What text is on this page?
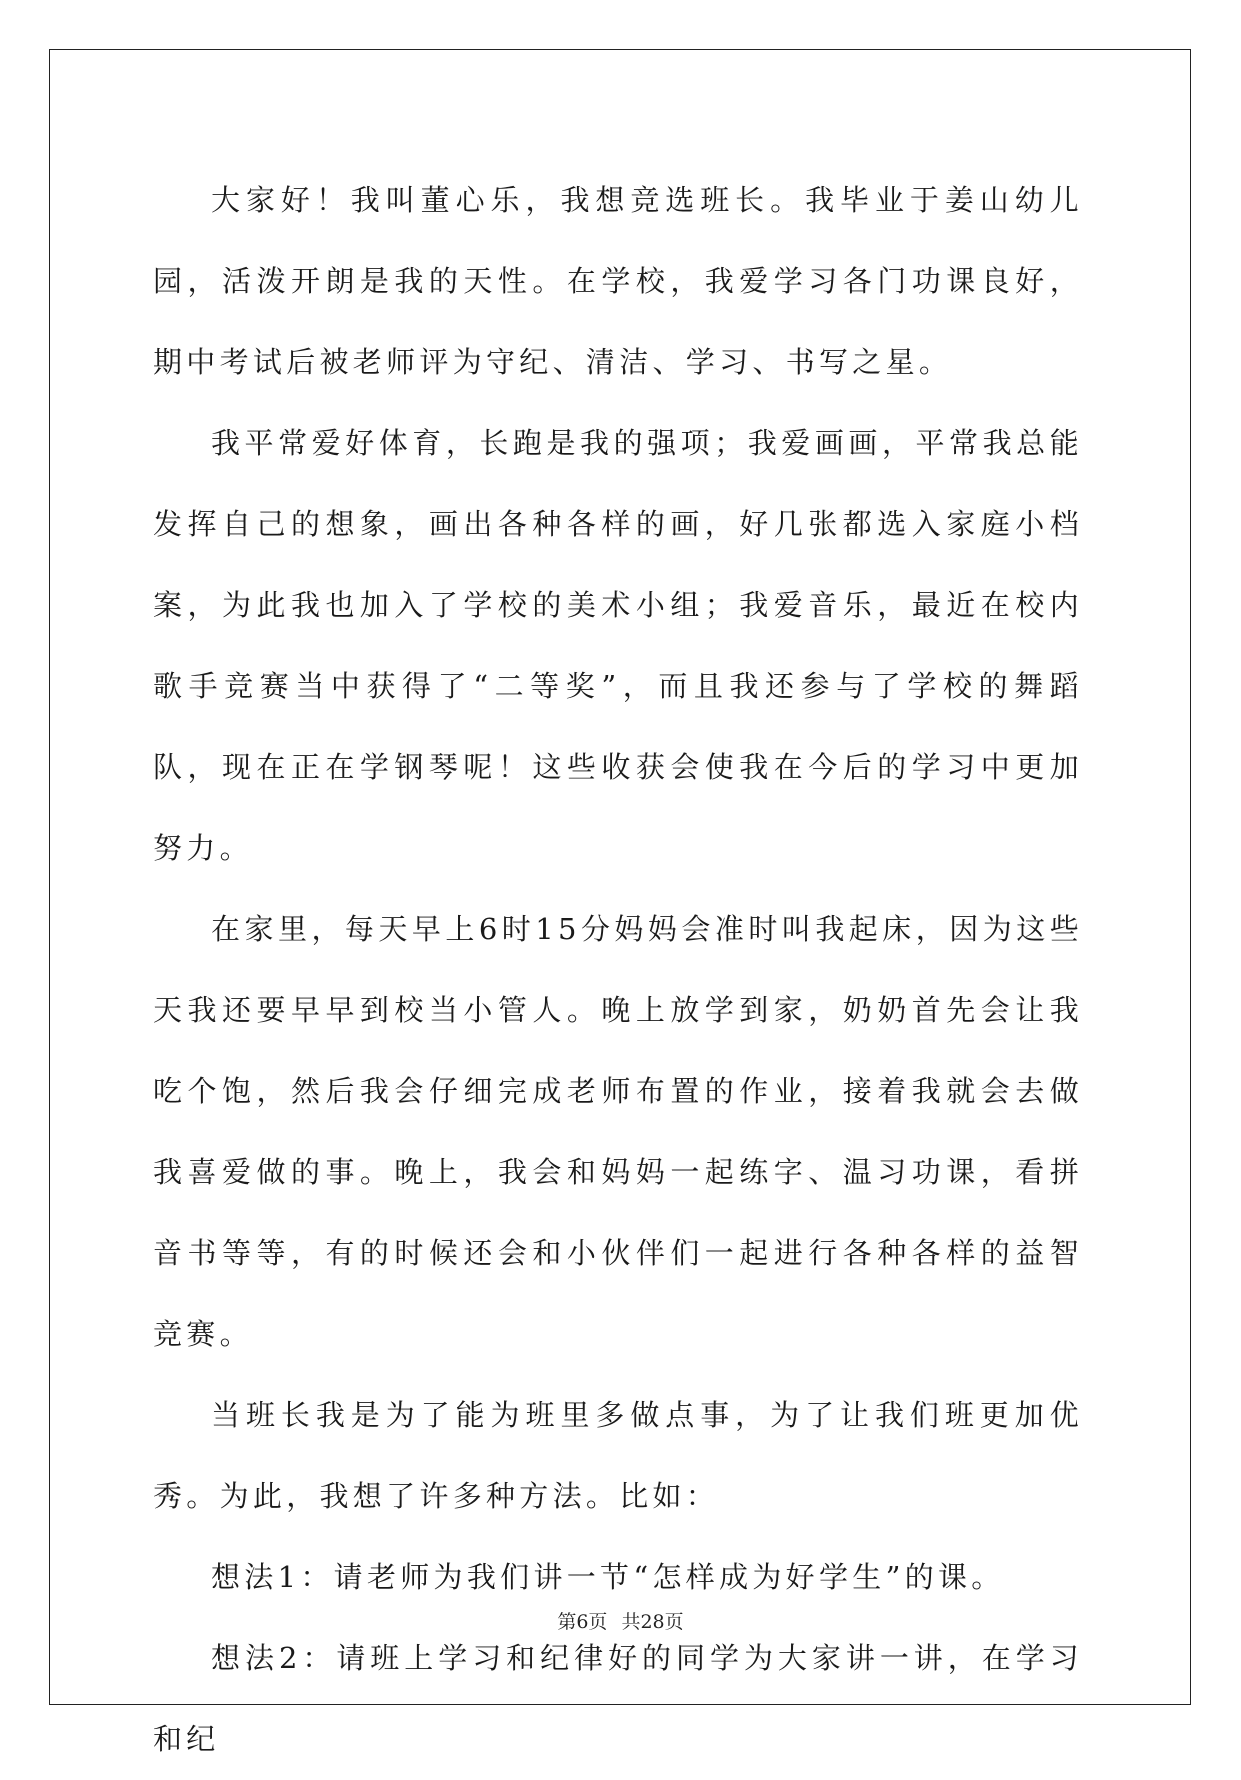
大家好！我叫董心乐，我想竞选班长。我毕业于姜山幼儿园，活泼开朗是我的天性。在学校，我爱学习各门功课良好，期中考试后被老师评为守纪、清洁、学习、书写之星。

我平常爱好体育，长跑是我的强项；我爱画画，平常我总能发挥自己的想象，画出各种各样的画，好几张都选入家庭小档案，为此我也加入了学校的美术小组；我爱音乐，最近在校内歌手竞赛当中获得了“二等奖”，而且我还参与了学校的舞蹈队，现在正在学钢琴呢！这些收获会使我在今后的学习中更加努力。

在家里，每天早上6时15分妈妈会准时叫我起床，因为这些天我还要早早到校当小管人。晚上放学到家，奶奶首先会让我吃个饱，然后我会仔细完成老师布置的作业，接着我就会去做我喜爱做的事。晚上，我会和妈妈一起练字、温习功课，看拼音书等等，有的时候还会和小伙伴们一起进行各种各样的益智竞赛。

当班长我是为了能为班里多做点事，为了让我们班更加优秀。为此，我想了许多种方法。比如：

想法1：请老师为我们讲一节“怎样成为好学生”的课。

想法2：请班上学习和纪律好的同学为大家讲一讲，在学习和纪

第6页 共28页
